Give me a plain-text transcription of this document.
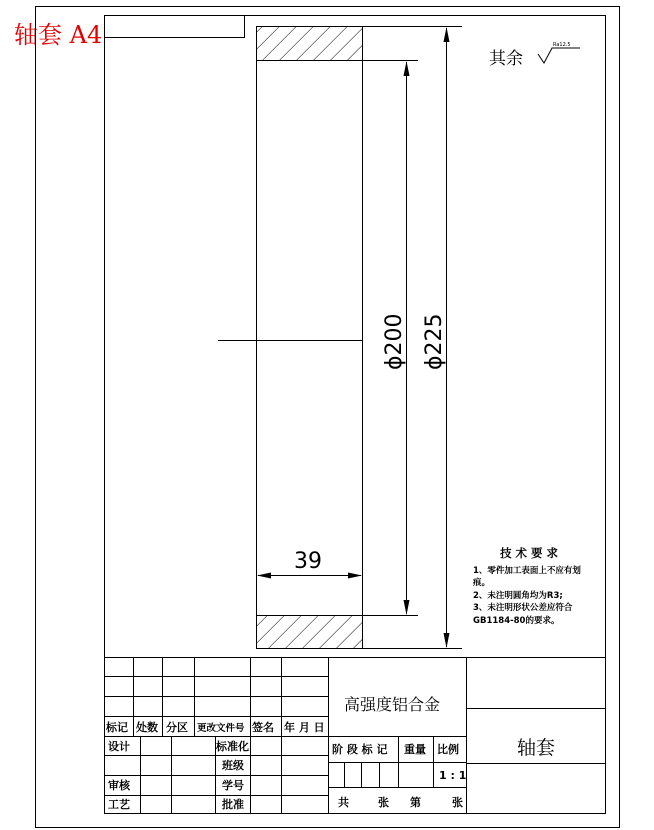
轴套 A4
ϕ200 ϕ225
39
其余
Ra12.5
技 术 要 求
1、零件加工表面上不应有划
痕。
2、未注明圆角均为R3;
3、未注明形状公差应符合
GB1184-80的要求。
高强度铝合金
轴套
标记 处数 分区 更改文件号 签名 年 月 日
设计
审核
工艺
标准化
班级
学号
批准
阶 段 标 记 重量 比例
1 : 1
共	张 第	张
